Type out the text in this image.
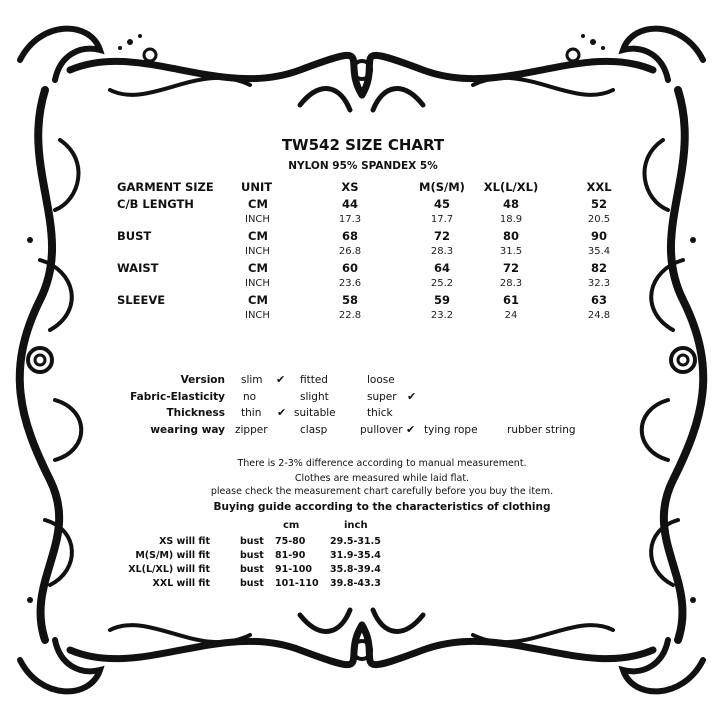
TW542 SIZE CHART
NYLON 95% SPANDEX 5%
GARMENT SIZE UNIT	XS	M(S/M)	XL(L/XL)	XXL
C/B LENGTH	CM	44	45	48	52
INCH	17.3	17.7	18.9	20.5
BUST	CM	68	72	80	90
INCH	26.8	28.3	31.5	35.4
WAIST	CM	60	64	72	82
INCH	23.6	25.2	28.3	32.3
SLEEVE	CM	58	59	61	63
INCH	22.8	23.2	24	24.8
Version slim ✔ fitted	loose
Fabric-Elasticity no	slight	super ✔
Thickness thin ✔ suitable	thick
wearing way zipper	clasp	pullover ✔ tying rope	rubber string
There is 2-3% difference according to manual measurement.
Clothes are measured while laid flat.
please check the measurement chart carefully before you buy the item.
Buying guide according to the characteristics of clothing
cm	inch
XS will fit	bust 75-80	29.5-31.5
M(S/M) will fit	bust 81-90	31.9-35.4
XL(L/XL) will fit	bust 91-100 35.8-39.4
XXL will fit	bust 101-110 39.8-43.3
